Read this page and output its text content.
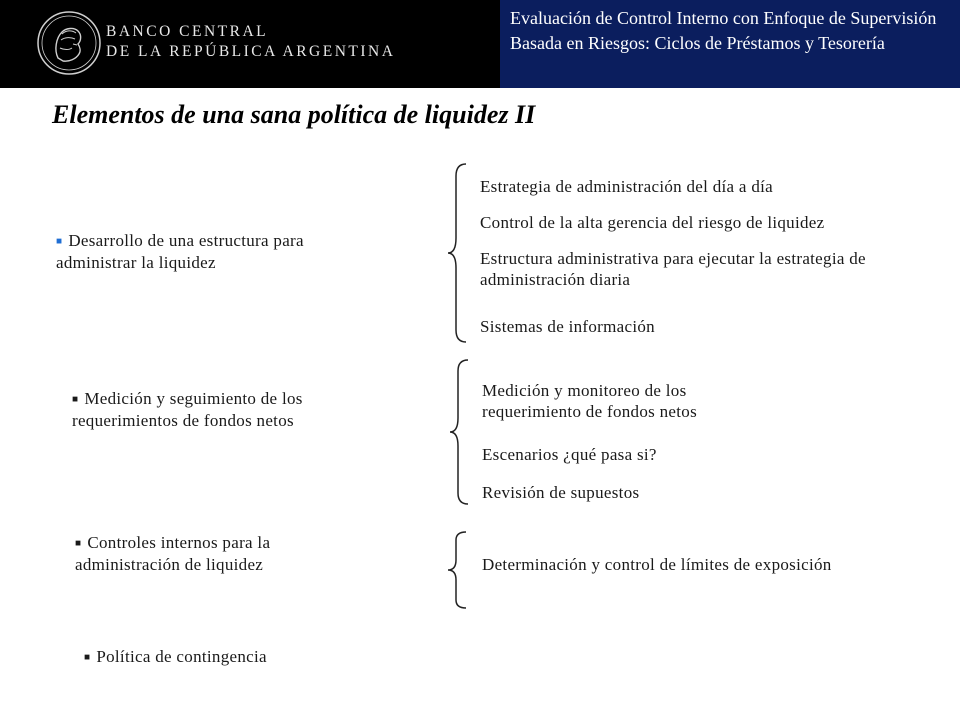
BANCO CENTRAL
DE LA REPÚBLICA ARGENTINA
Evaluación de Control Interno con Enfoque de Supervisión Basada en Riesgos: Ciclos de Préstamos y Tesorería
Elementos de una sana política de liquidez II
■ Desarrollo de una estructura para administrar la liquidez
Estrategia de administración del día a día
Control de la alta gerencia del riesgo de liquidez
Estructura administrativa para ejecutar la estrategia de administración diaria
Sistemas de información
■ Medición y seguimiento de los requerimientos de fondos netos
Medición y monitoreo de los requerimiento de fondos netos
Escenarios ¿qué pasa si?
Revisión de supuestos
■ Controles internos para la administración de liquidez	Determinación y control de límites de exposición
■ Política de contingencia
